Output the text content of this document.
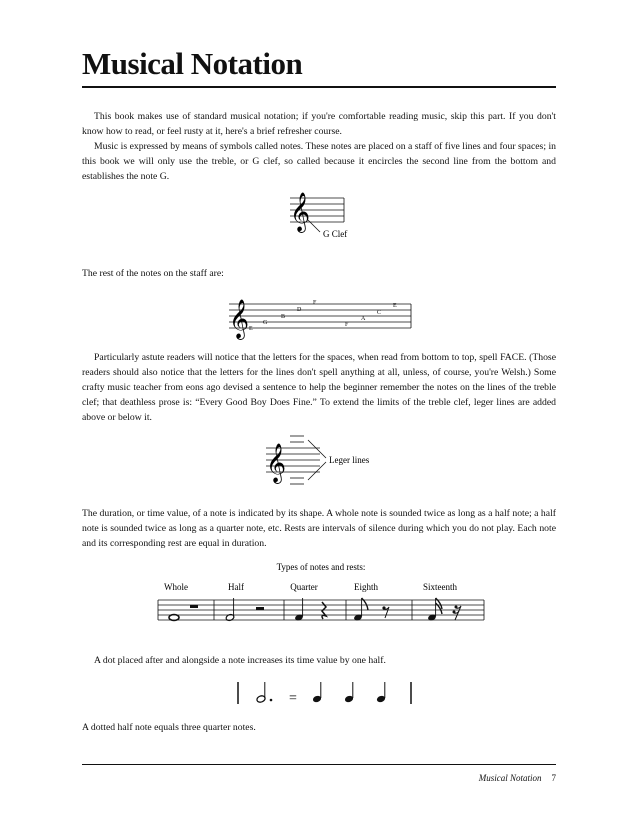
Musical Notation

This book makes use of standard musical notation; if you're comfortable reading music, skip this part. If you don't know how to read, or feel rusty at it, here's a brief refresher course.

Music is expressed by means of symbols called notes. These notes are placed on a staff of five lines and four spaces; in this book we will only use the treble, or G clef, so called because it encircles the second line from the bottom and establishes the note G.

𝄞
G Clef

The rest of the notes on the staff are:

𝄞 E
G
B
D
F
F
A
C
E

Particularly astute readers will notice that the letters for the spaces, when read from bottom to top, spell FACE. (Those readers should also notice that the letters for the lines don't spell anything at all, unless, of course, you're Welsh.) Some crafty music teacher from eons ago devised a sentence to help the beginner remember the notes on the lines of the treble clef; that deathless prose is: “Every Good Boy Does Fine.” To extend the limits of the treble clef, leger lines are added above or below it.

𝄞	Leger lines

The duration, or time value, of a note is indicated by its shape. A whole note is sounded twice as long as a half note; a half note is sounded twice as long as a quarter note, etc. Rests are intervals of silence during which you do not play. Each note and its corresponding rest are equal in duration.

Types of notes and rests:
Whole	Half	Quarter	Eighth	Sixteenth

A dot placed after and alongside a note increases its time value by one half.

=

A dotted half note equals three quarter notes.

Musical Notation 7
